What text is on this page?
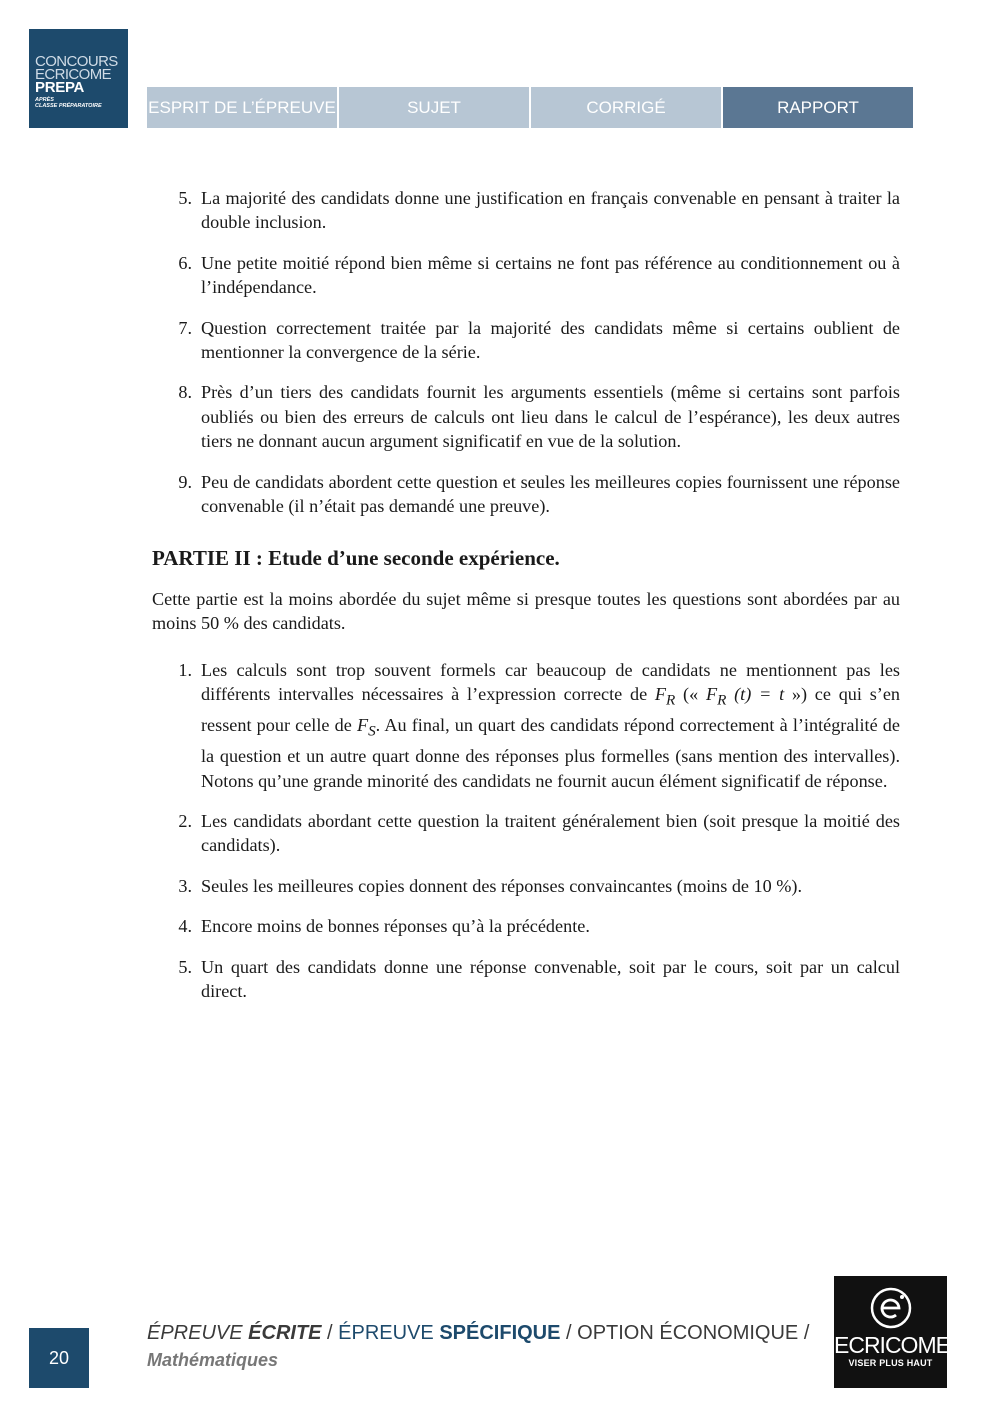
CONCOURS
ECRICOME
PREPA
APRÈS
CLASSE PRÉPARATOIRE	ESPRIT DE L’ÉPREUVE	SUJET	CORRIGÉ	RAPPORT
5. La majorité des candidats donne une justification en français convenable en pensant à traiter la double inclusion.
6. Une petite moitié répond bien même si certains ne font pas référence au conditionnement ou à l’indépendance.
7. Question correctement traitée par la majorité des candidats même si certains oublient de mentionner la convergence de la série.
8. Près d’un tiers des candidats fournit les arguments essentiels (même si certains sont parfois oubliés ou bien des erreurs de calculs ont lieu dans le calcul de l’espérance), les deux autres tiers ne donnant aucun argument significatif en vue de la solution.
9. Peu de candidats abordent cette question et seules les meilleures copies fournissent une réponse convenable (il n’était pas demandé une preuve).
PARTIE II : Etude d’une seconde expérience.

Cette partie est la moins abordée du sujet même si presque toutes les questions sont abordées par au moins 50 % des candidats.

1. Les calculs sont trop souvent formels car beaucoup de candidats ne mentionnent pas les différents intervalles nécessaires à l’expression correcte de $F_R$ (« $F_R$ (t) = t ») ce qui s’en ressent pour celle de $F_S$. Au final, un quart des candidats répond correctement à l’intégralité de la question et un autre quart donne des réponses plus formelles (sans mention des intervalles). Notons qu’une grande minorité des candidats ne fournit aucun élément significatif de réponse.
2. Les candidats abordant cette question la traitent généralement bien (soit presque la moitié des candidats).
3. Seules les meilleures copies donnent des réponses convaincantes (moins de 10 %).
4. Encore moins de bonnes réponses qu’à la précédente.
5. Un quart des candidats donne une réponse convenable, soit par le cours, soit par un calcul direct.
20
ÉPREUVE ÉCRITE / ÉPREUVE SPÉCIFIQUE / OPTION ÉCONOMIQUE /
Mathématiques
ECRICOME
VISER PLUS HAUT
